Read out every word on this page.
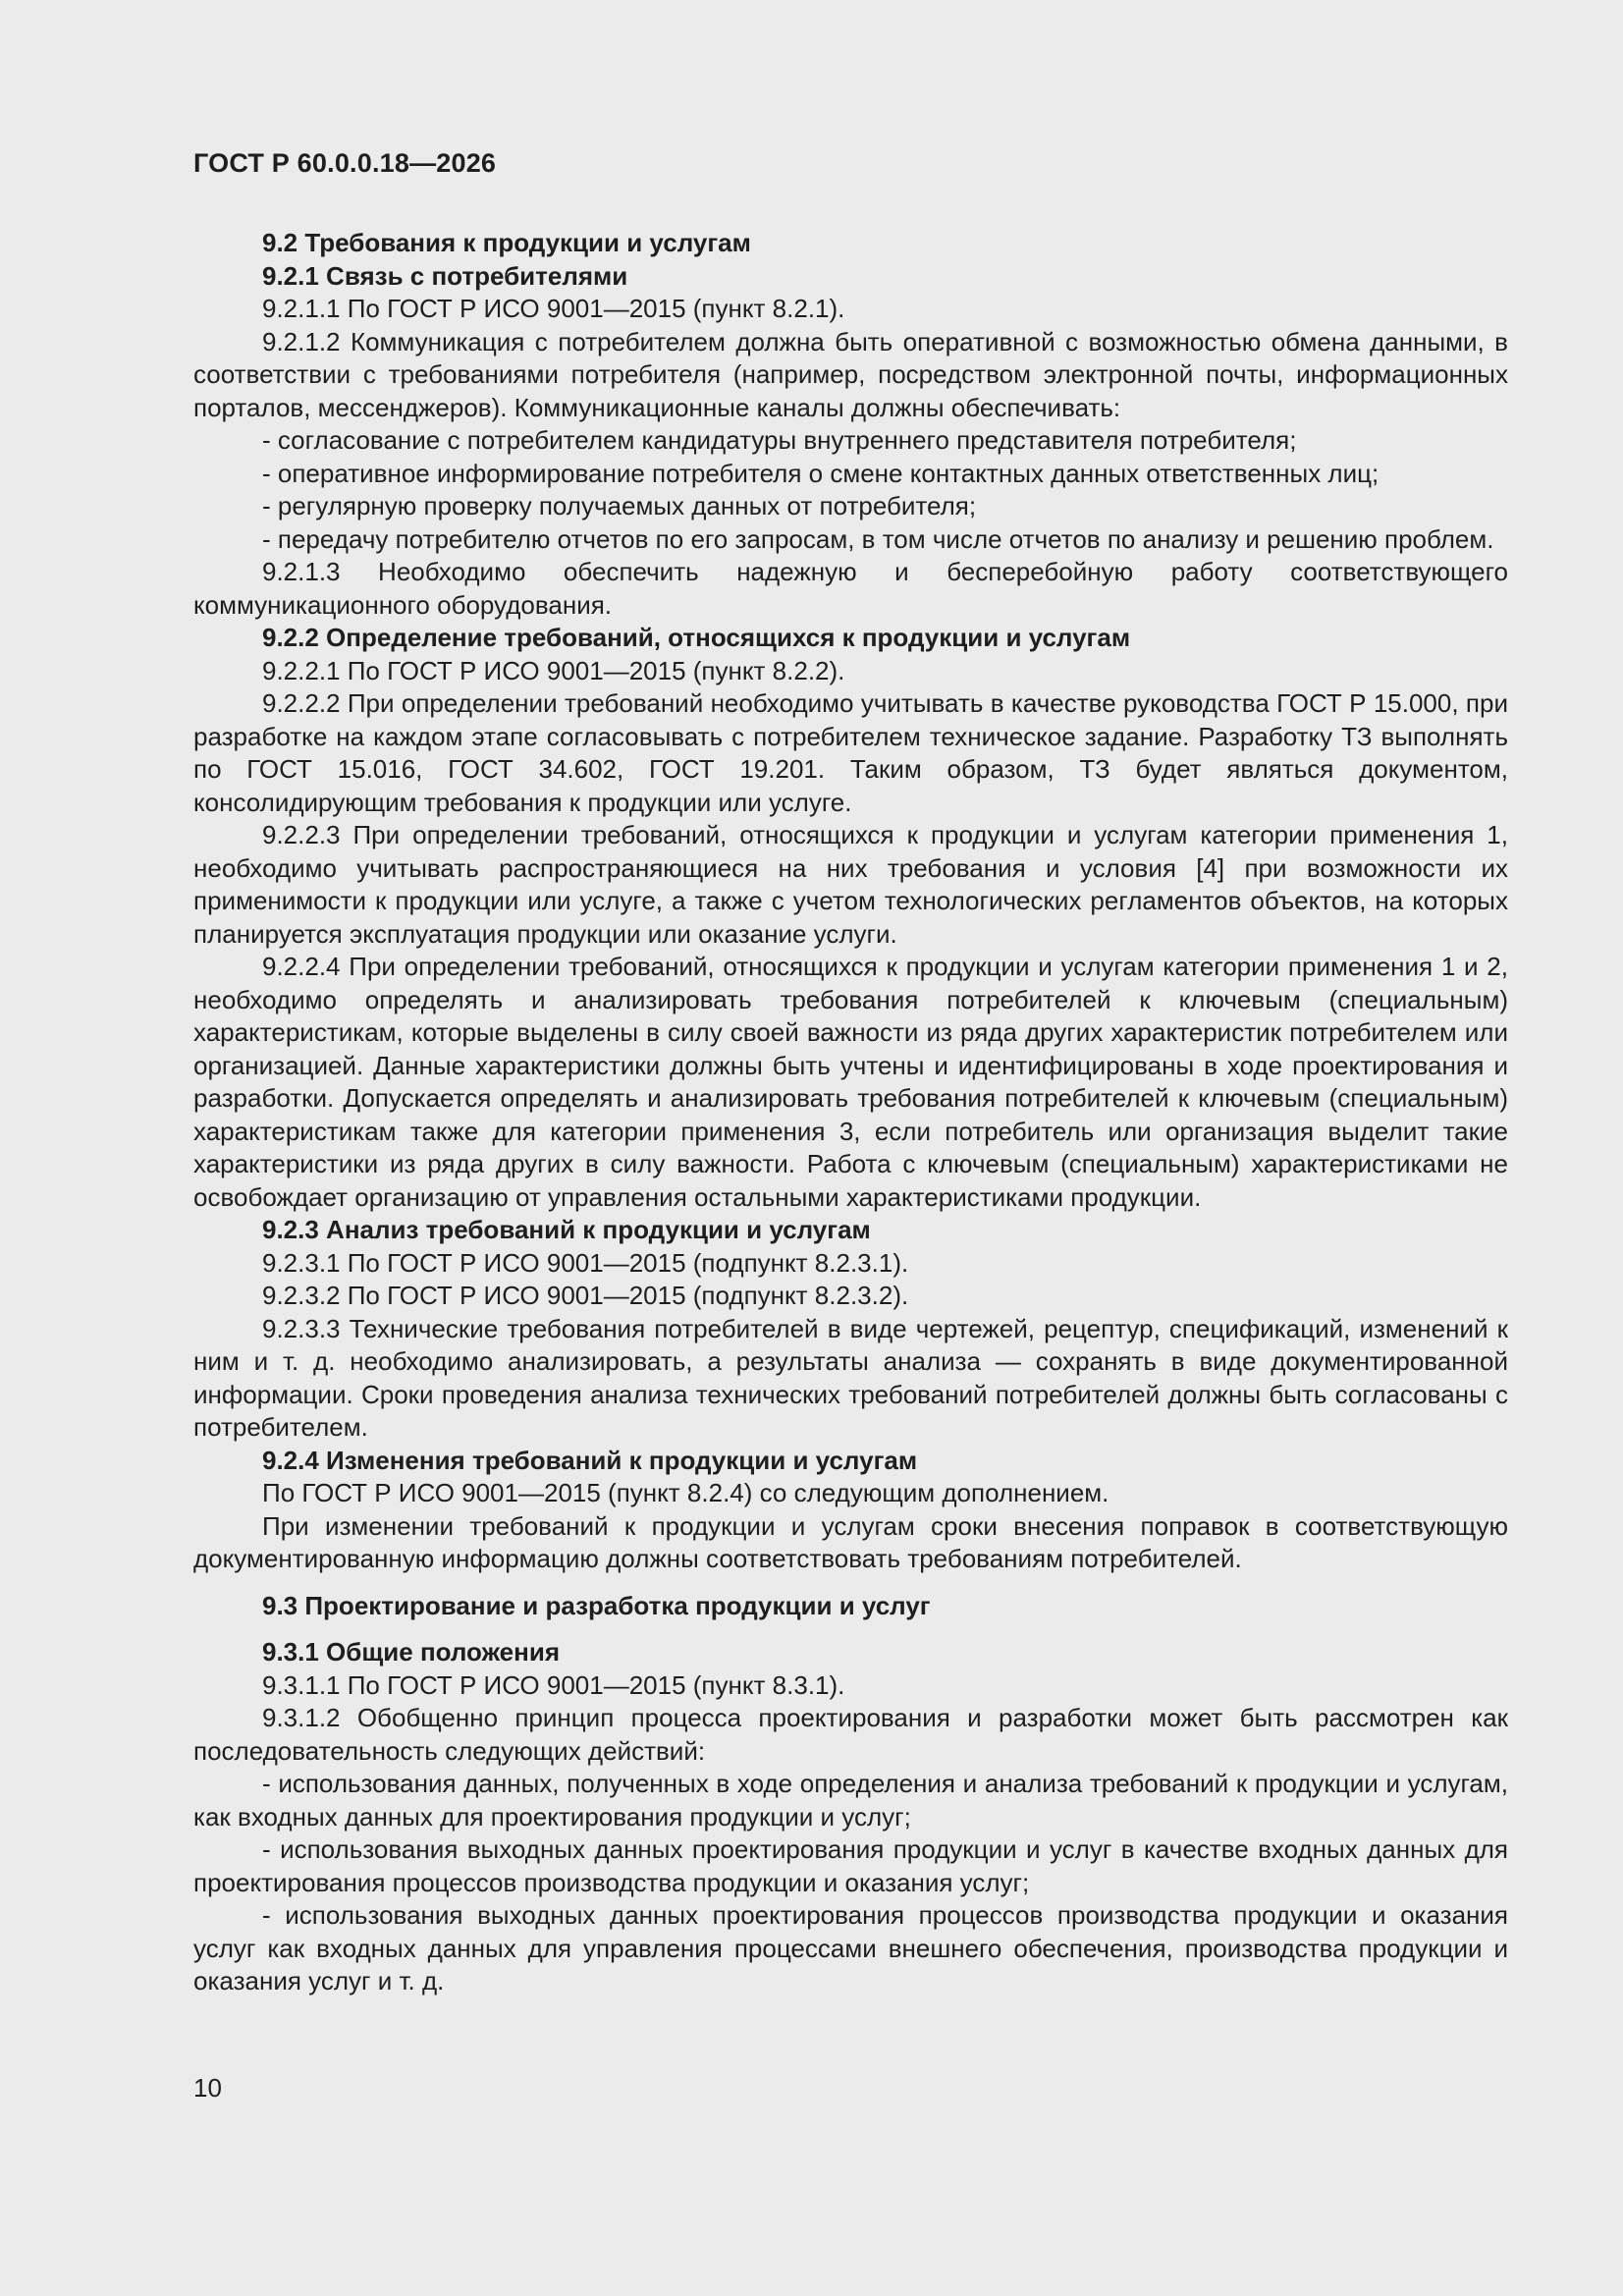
ГОСТ Р 60.0.0.18—2026

9.2 Требования к продукции и услугам

9.2.1 Связь с потребителями

9.2.1.1 По ГОСТ Р ИСО 9001—2015 (пункт 8.2.1).

9.2.1.2 Коммуникация с потребителем должна быть оперативной с возможностью обмена данными, в соответствии с требованиями потребителя (например, посредством электронной почты, информационных порталов, мессенджеров). Коммуникационные каналы должны обеспечивать:

- согласование с потребителем кандидатуры внутреннего представителя потребителя;

- оперативное информирование потребителя о смене контактных данных ответственных лиц;

- регулярную проверку получаемых данных от потребителя;

- передачу потребителю отчетов по его запросам, в том числе отчетов по анализу и решению проблем.

9.2.1.3 Необходимо обеспечить надежную и бесперебойную работу соответствующего коммуникационного оборудования.

9.2.2 Определение требований, относящихся к продукции и услугам

9.2.2.1 По ГОСТ Р ИСО 9001—2015 (пункт 8.2.2).

9.2.2.2 При определении требований необходимо учитывать в качестве руководства ГОСТ Р 15.000, при разработке на каждом этапе согласовывать с потребителем техническое задание. Разработку ТЗ выполнять по ГОСТ 15.016, ГОСТ 34.602, ГОСТ 19.201. Таким образом, ТЗ будет являться документом, консолидирующим требования к продукции или услуге.

9.2.2.3 При определении требований, относящихся к продукции и услугам категории применения 1, необходимо учитывать распространяющиеся на них требования и условия [4] при возможности их применимости к продукции или услуге, а также с учетом технологических регламентов объектов, на которых планируется эксплуатация продукции или оказание услуги.

9.2.2.4 При определении требований, относящихся к продукции и услугам категории применения 1 и 2, необходимо определять и анализировать требования потребителей к ключевым (специальным) характеристикам, которые выделены в силу своей важности из ряда других характеристик потребителем или организацией. Данные характеристики должны быть учтены и идентифицированы в ходе проектирования и разработки. Допускается определять и анализировать требования потребителей к ключевым (специальным) характеристикам также для категории применения 3, если потребитель или организация выделит такие характеристики из ряда других в силу важности. Работа с ключевым (специальным) характеристиками не освобождает организацию от управления остальными характеристиками продукции.

9.2.3 Анализ требований к продукции и услугам

9.2.3.1 По ГОСТ Р ИСО 9001—2015 (подпункт 8.2.3.1).

9.2.3.2 По ГОСТ Р ИСО 9001—2015 (подпункт 8.2.3.2).

9.2.3.3 Технические требования потребителей в виде чертежей, рецептур, спецификаций, изменений к ним и т. д. необходимо анализировать, а результаты анализа — сохранять в виде документированной информации. Сроки проведения анализа технических требований потребителей должны быть согласованы с потребителем.

9.2.4 Изменения требований к продукции и услугам

По ГОСТ Р ИСО 9001—2015 (пункт 8.2.4) со следующим дополнением.

При изменении требований к продукции и услугам сроки внесения поправок в соответствующую документированную информацию должны соответствовать требованиям потребителей.

9.3 Проектирование и разработка продукции и услуг

9.3.1 Общие положения

9.3.1.1 По ГОСТ Р ИСО 9001—2015 (пункт 8.3.1).

9.3.1.2 Обобщенно принцип процесса проектирования и разработки может быть рассмотрен как последовательность следующих действий:

- использования данных, полученных в ходе определения и анализа требований к продукции и услугам, как входных данных для проектирования продукции и услуг;

- использования выходных данных проектирования продукции и услуг в качестве входных данных для проектирования процессов производства продукции и оказания услуг;

- использования выходных данных проектирования процессов производства продукции и оказания услуг как входных данных для управления процессами внешнего обеспечения, производства продукции и оказания услуг и т. д.

10
